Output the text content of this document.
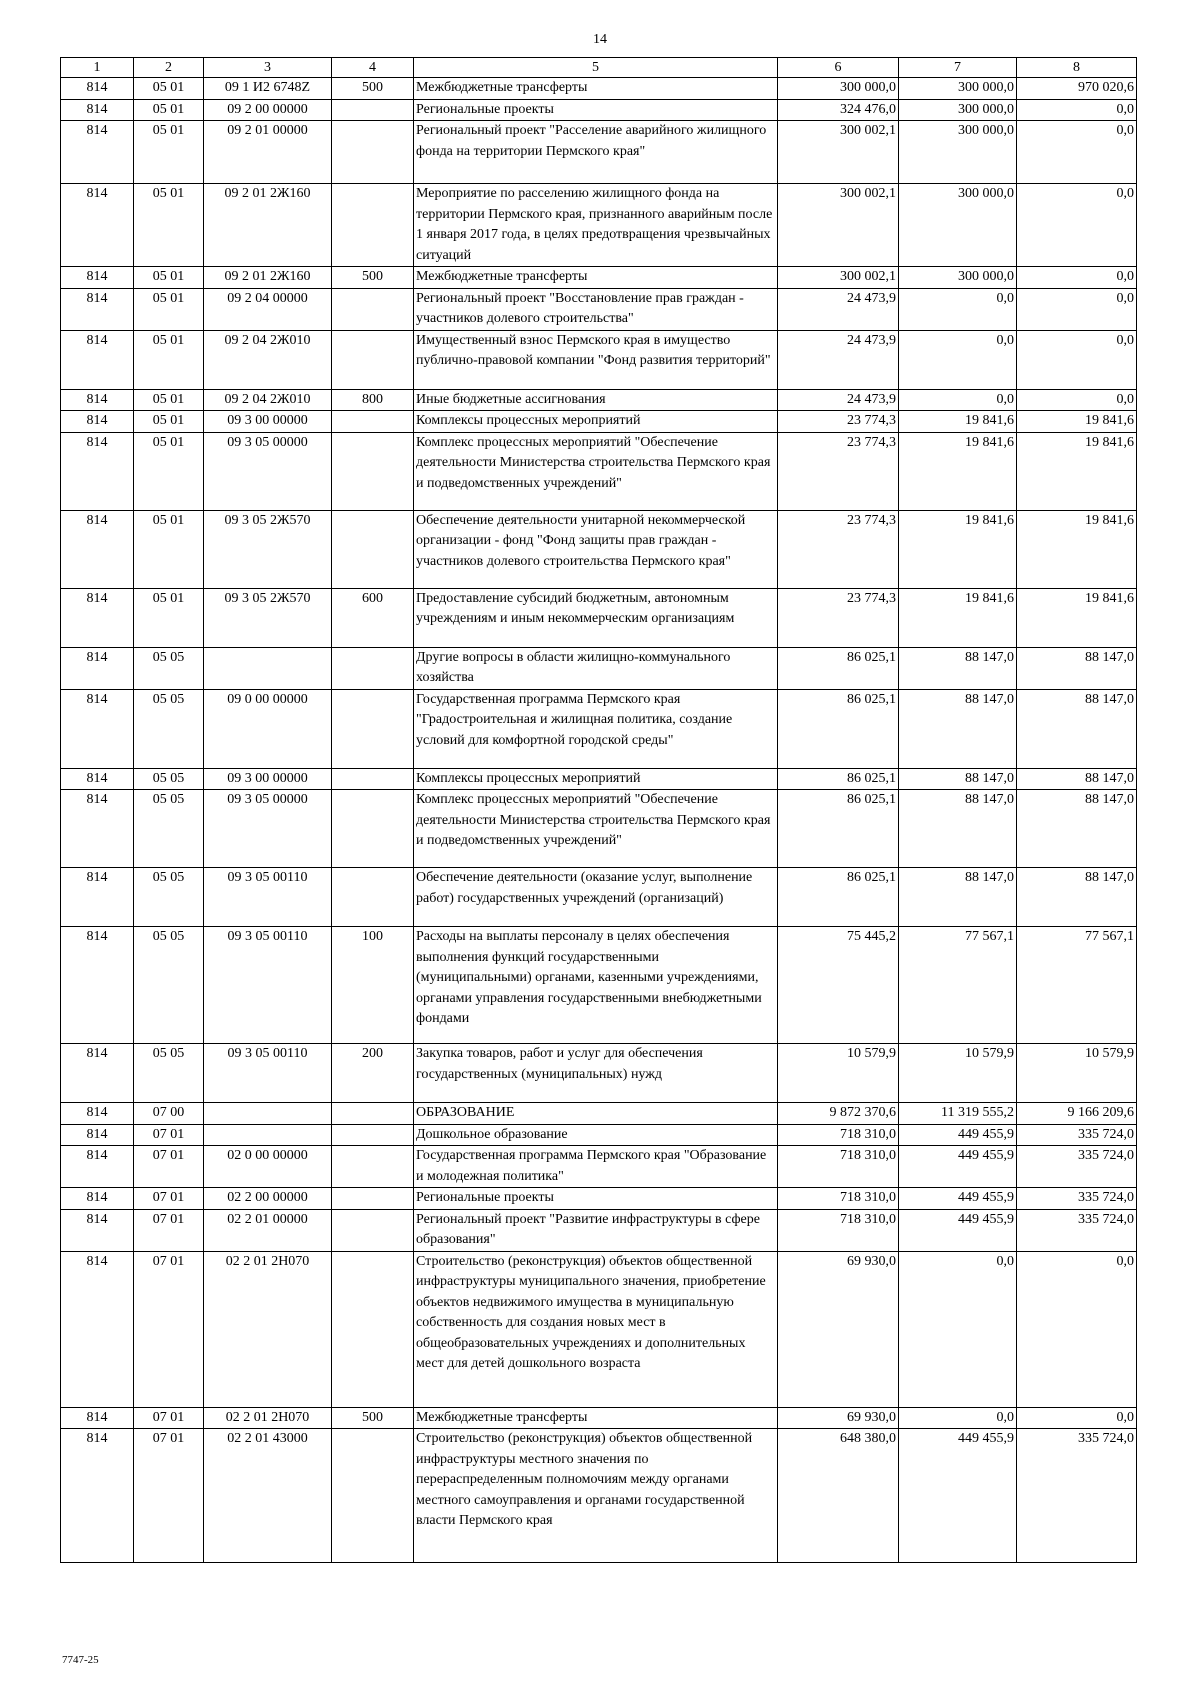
14
1	2	3	4	5	6	7	8
814	05 01	09 1 И2 6748Z	500	Межбюджетные трансферты	300 000,0	300 000,0	970 020,6
814	05 01	09 2 00 00000		Региональные проекты	324 476,0	300 000,0	0,0
814	05 01	09 2 01 00000		Региональный проект "Расселение аварийного жилищного фонда на территории Пермского края"	300 002,1	300 000,0	0,0
814	05 01	09 2 01 2Ж160		Мероприятие по расселению жилищного фонда на территории Пермского края, признанного аварийным после 1 января 2017 года, в целях предотвращения чрезвычайных ситуаций	300 002,1	300 000,0	0,0
814	05 01	09 2 01 2Ж160	500	Межбюджетные трансферты	300 002,1	300 000,0	0,0
814	05 01	09 2 04 00000		Региональный проект "Восстановление прав граждан - участников долевого строительства"	24 473,9	0,0	0,0
814	05 01	09 2 04 2Ж010		Имущественный взнос Пермского края в имущество публично-правовой компании "Фонд развития территорий"	24 473,9	0,0	0,0
814	05 01	09 2 04 2Ж010	800	Иные бюджетные ассигнования	24 473,9	0,0	0,0
814	05 01	09 3 00 00000		Комплексы процессных мероприятий	23 774,3	19 841,6	19 841,6
814	05 01	09 3 05 00000		Комплекс процессных мероприятий "Обеспечение деятельности Министерства строительства Пермского края и подведомственных учреждений"	23 774,3	19 841,6	19 841,6
814	05 01	09 3 05 2Ж570		Обеспечение деятельности унитарной некоммерческой организации - фонд "Фонд защиты прав граждан - участников долевого строительства Пермского края"	23 774,3	19 841,6	19 841,6
814	05 01	09 3 05 2Ж570	600	Предоставление субсидий бюджетным, автономным учреждениям и иным некоммерческим организациям	23 774,3	19 841,6	19 841,6
814	05 05			Другие вопросы в области жилищно-коммунального хозяйства	86 025,1	88 147,0	88 147,0
814	05 05	09 0 00 00000		Государственная программа Пермского края "Градостроительная и жилищная политика, создание условий для комфортной городской среды"	86 025,1	88 147,0	88 147,0
814	05 05	09 3 00 00000		Комплексы процессных мероприятий	86 025,1	88 147,0	88 147,0
814	05 05	09 3 05 00000		Комплекс процессных мероприятий "Обеспечение деятельности Министерства строительства Пермского края и подведомственных учреждений"	86 025,1	88 147,0	88 147,0
814	05 05	09 3 05 00110		Обеспечение деятельности (оказание услуг, выполнение работ) государственных учреждений (организаций)	86 025,1	88 147,0	88 147,0
814	05 05	09 3 05 00110	100	Расходы на выплаты персоналу в целях обеспечения выполнения функций государственными (муниципальными) органами, казенными учреждениями, органами управления государственными внебюджетными фондами	75 445,2	77 567,1	77 567,1
814	05 05	09 3 05 00110	200	Закупка товаров, работ и услуг для обеспечения государственных (муниципальных) нужд	10 579,9	10 579,9	10 579,9
814	07 00			ОБРАЗОВАНИЕ	9 872 370,6	11 319 555,2	9 166 209,6
814	07 01			Дошкольное образование	718 310,0	449 455,9	335 724,0
814	07 01	02 0 00 00000		Государственная программа Пермского края "Образование и молодежная политика"	718 310,0	449 455,9	335 724,0
814	07 01	02 2 00 00000		Региональные проекты	718 310,0	449 455,9	335 724,0
814	07 01	02 2 01 00000		Региональный проект "Развитие инфраструктуры в сфере образования"	718 310,0	449 455,9	335 724,0
814	07 01	02 2 01 2Н070		Строительство (реконструкция) объектов общественной инфраструктуры муниципального значения, приобретение объектов недвижимого имущества в муниципальную собственность для создания новых мест в общеобразовательных учреждениях и дополнительных мест для детей дошкольного возраста	69 930,0	0,0	0,0
814	07 01	02 2 01 2Н070	500	Межбюджетные трансферты	69 930,0	0,0	0,0
814	07 01	02 2 01 43000		Строительство (реконструкция) объектов общественной инфраструктуры местного значения по перераспределенным полномочиям между органами местного самоуправления и органами государственной власти Пермского края	648 380,0	449 455,9	335 724,0
7747-25
